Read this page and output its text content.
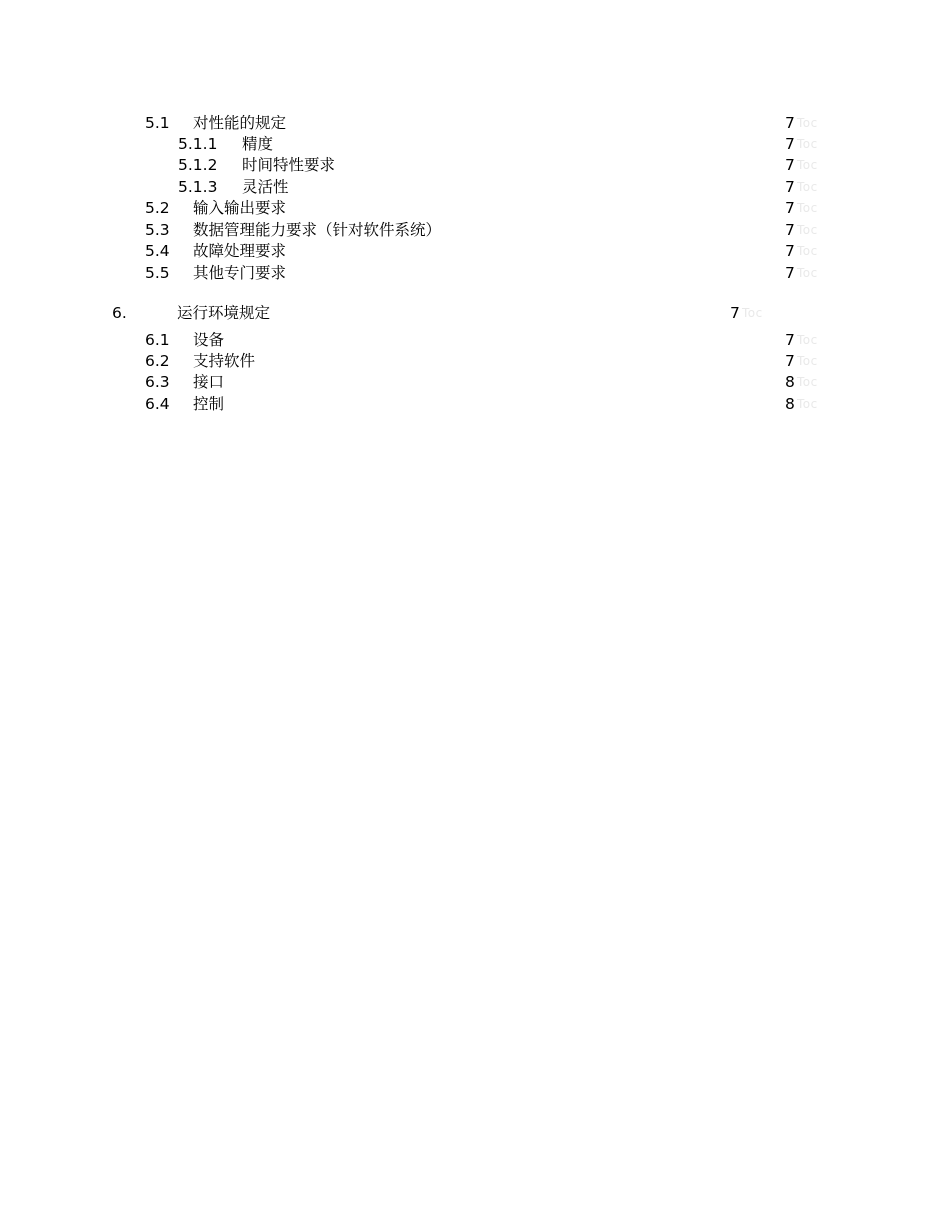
5.1 对性能的规定	7 Toc
5.1.1 精度	7 Toc
5.1.2 时间特性要求	7 Toc
5.1.3 灵活性	7 Toc
5.2 输入输出要求	7 Toc
5.3 数据管理能力要求（针对软件系统）	7 Toc
5.4 故障处理要求	7 Toc
5.5 其他专门要求	7 Toc
6.	运行环境规定	7 Toc
6.1 设备	7 Toc
6.2 支持软件	7 Toc
6.3 接口	8 Toc
6.4 控制	8 Toc
